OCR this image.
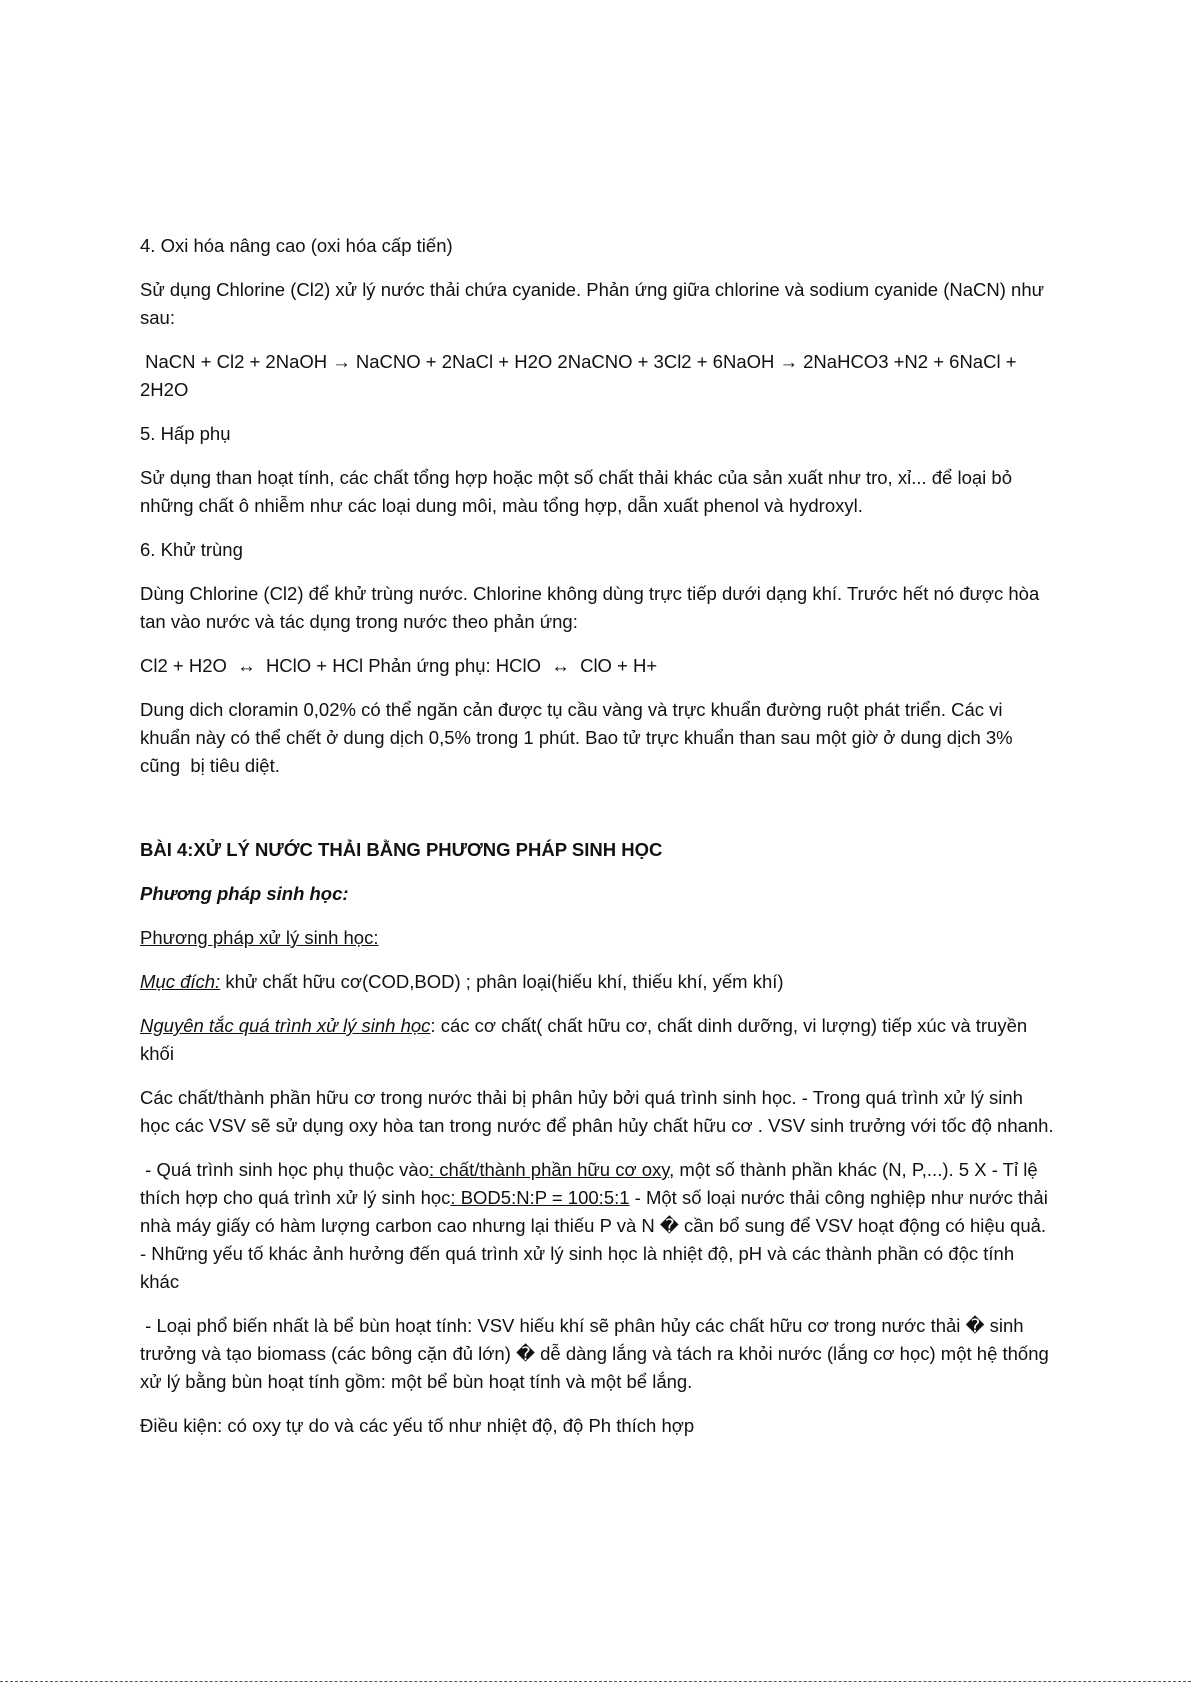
4. Oxi hóa nâng cao (oxi hóa cấp tiến)

Sử dụng Chlorine (Cl2) xử lý nước thải chứa cyanide. Phản ứng giữa chlorine và sodium cyanide (NaCN) như sau:

NaCN + Cl2 + 2NaOH → NaCNO + 2NaCl + H2O 2NaCNO + 3Cl2 + 6NaOH → 2NaHCO3 +N2 + 6NaCl + 2H2O

5. Hấp phụ

Sử dụng than hoạt tính, các chất tổng hợp hoặc một số chất thải khác của sản xuất như tro, xỉ... để loại bỏ những chất ô nhiễm như các loại dung môi, màu tổng hợp, dẫn xuất phenol và hydroxyl.

6. Khử trùng

Dùng Chlorine (Cl2) để khử trùng nước. Chlorine không dùng trực tiếp dưới dạng khí. Trước hết nó được hòa tan vào nước và tác dụng trong nước theo phản ứng:

Cl2 + H2O  ↔  HClO + HCl Phản ứng phụ: HClO  ↔  ClO + H+

Dung dich cloramin 0,02% có thể ngăn cản được tụ cầu vàng và trực khuẩn đường ruột phát triển. Các vi khuẩn này có thể chết ở dung dịch 0,5% trong 1 phút. Bao tử trực khuẩn than sau một giờ ở dung dịch 3% cũng  bị tiêu diệt.

BÀI 4:XỬ LÝ NƯỚC THẢI BẰNG PHƯƠNG PHÁP SINH HỌC

Phương pháp sinh học:

Phương pháp xử lý sinh học:

Mục đích: khử chất hữu cơ(COD,BOD) ; phân loại(hiếu khí, thiếu khí, yếm khí)

Nguyên tắc quá trình xử lý sinh học: các cơ chất( chất hữu cơ, chất dinh dưỡng, vi lượng) tiếp xúc và truyền khối

Các chất/thành phần hữu cơ trong nước thải bị phân hủy bởi quá trình sinh học. - Trong quá trình xử lý sinh học các VSV sẽ sử dụng oxy hòa tan trong nước để phân hủy chất hữu cơ . VSV sinh trưởng với tốc độ nhanh.

- Quá trình sinh học phụ thuộc vào: chất/thành phần hữu cơ oxy, một số thành phần khác (N, P,...). 5 X - Tỉ lệ thích hợp cho quá trình xử lý sinh học: BOD5:N:P = 100:5:1 - Một số loại nước thải công nghiệp như nước thải nhà máy giấy có hàm lượng carbon cao nhưng lại thiếu P và N � cần bổ sung để VSV hoạt động có hiệu quả. - Những yếu tố khác ảnh hưởng đến quá trình xử lý sinh học là nhiệt độ, pH và các thành phần có độc tính khác

- Loại phổ biến nhất là bể bùn hoạt tính: VSV hiếu khí sẽ phân hủy các chất hữu cơ trong nước thải � sinh trưởng và tạo biomass (các bông cặn đủ lớn) � dễ dàng lắng và tách ra khỏi nước (lắng cơ học) một hệ thống xử lý bằng bùn hoạt tính gồm: một bể bùn hoạt tính và một bể lắng.

Điều kiện: có oxy tự do và các yếu tố như nhiệt độ, độ Ph thích hợp
